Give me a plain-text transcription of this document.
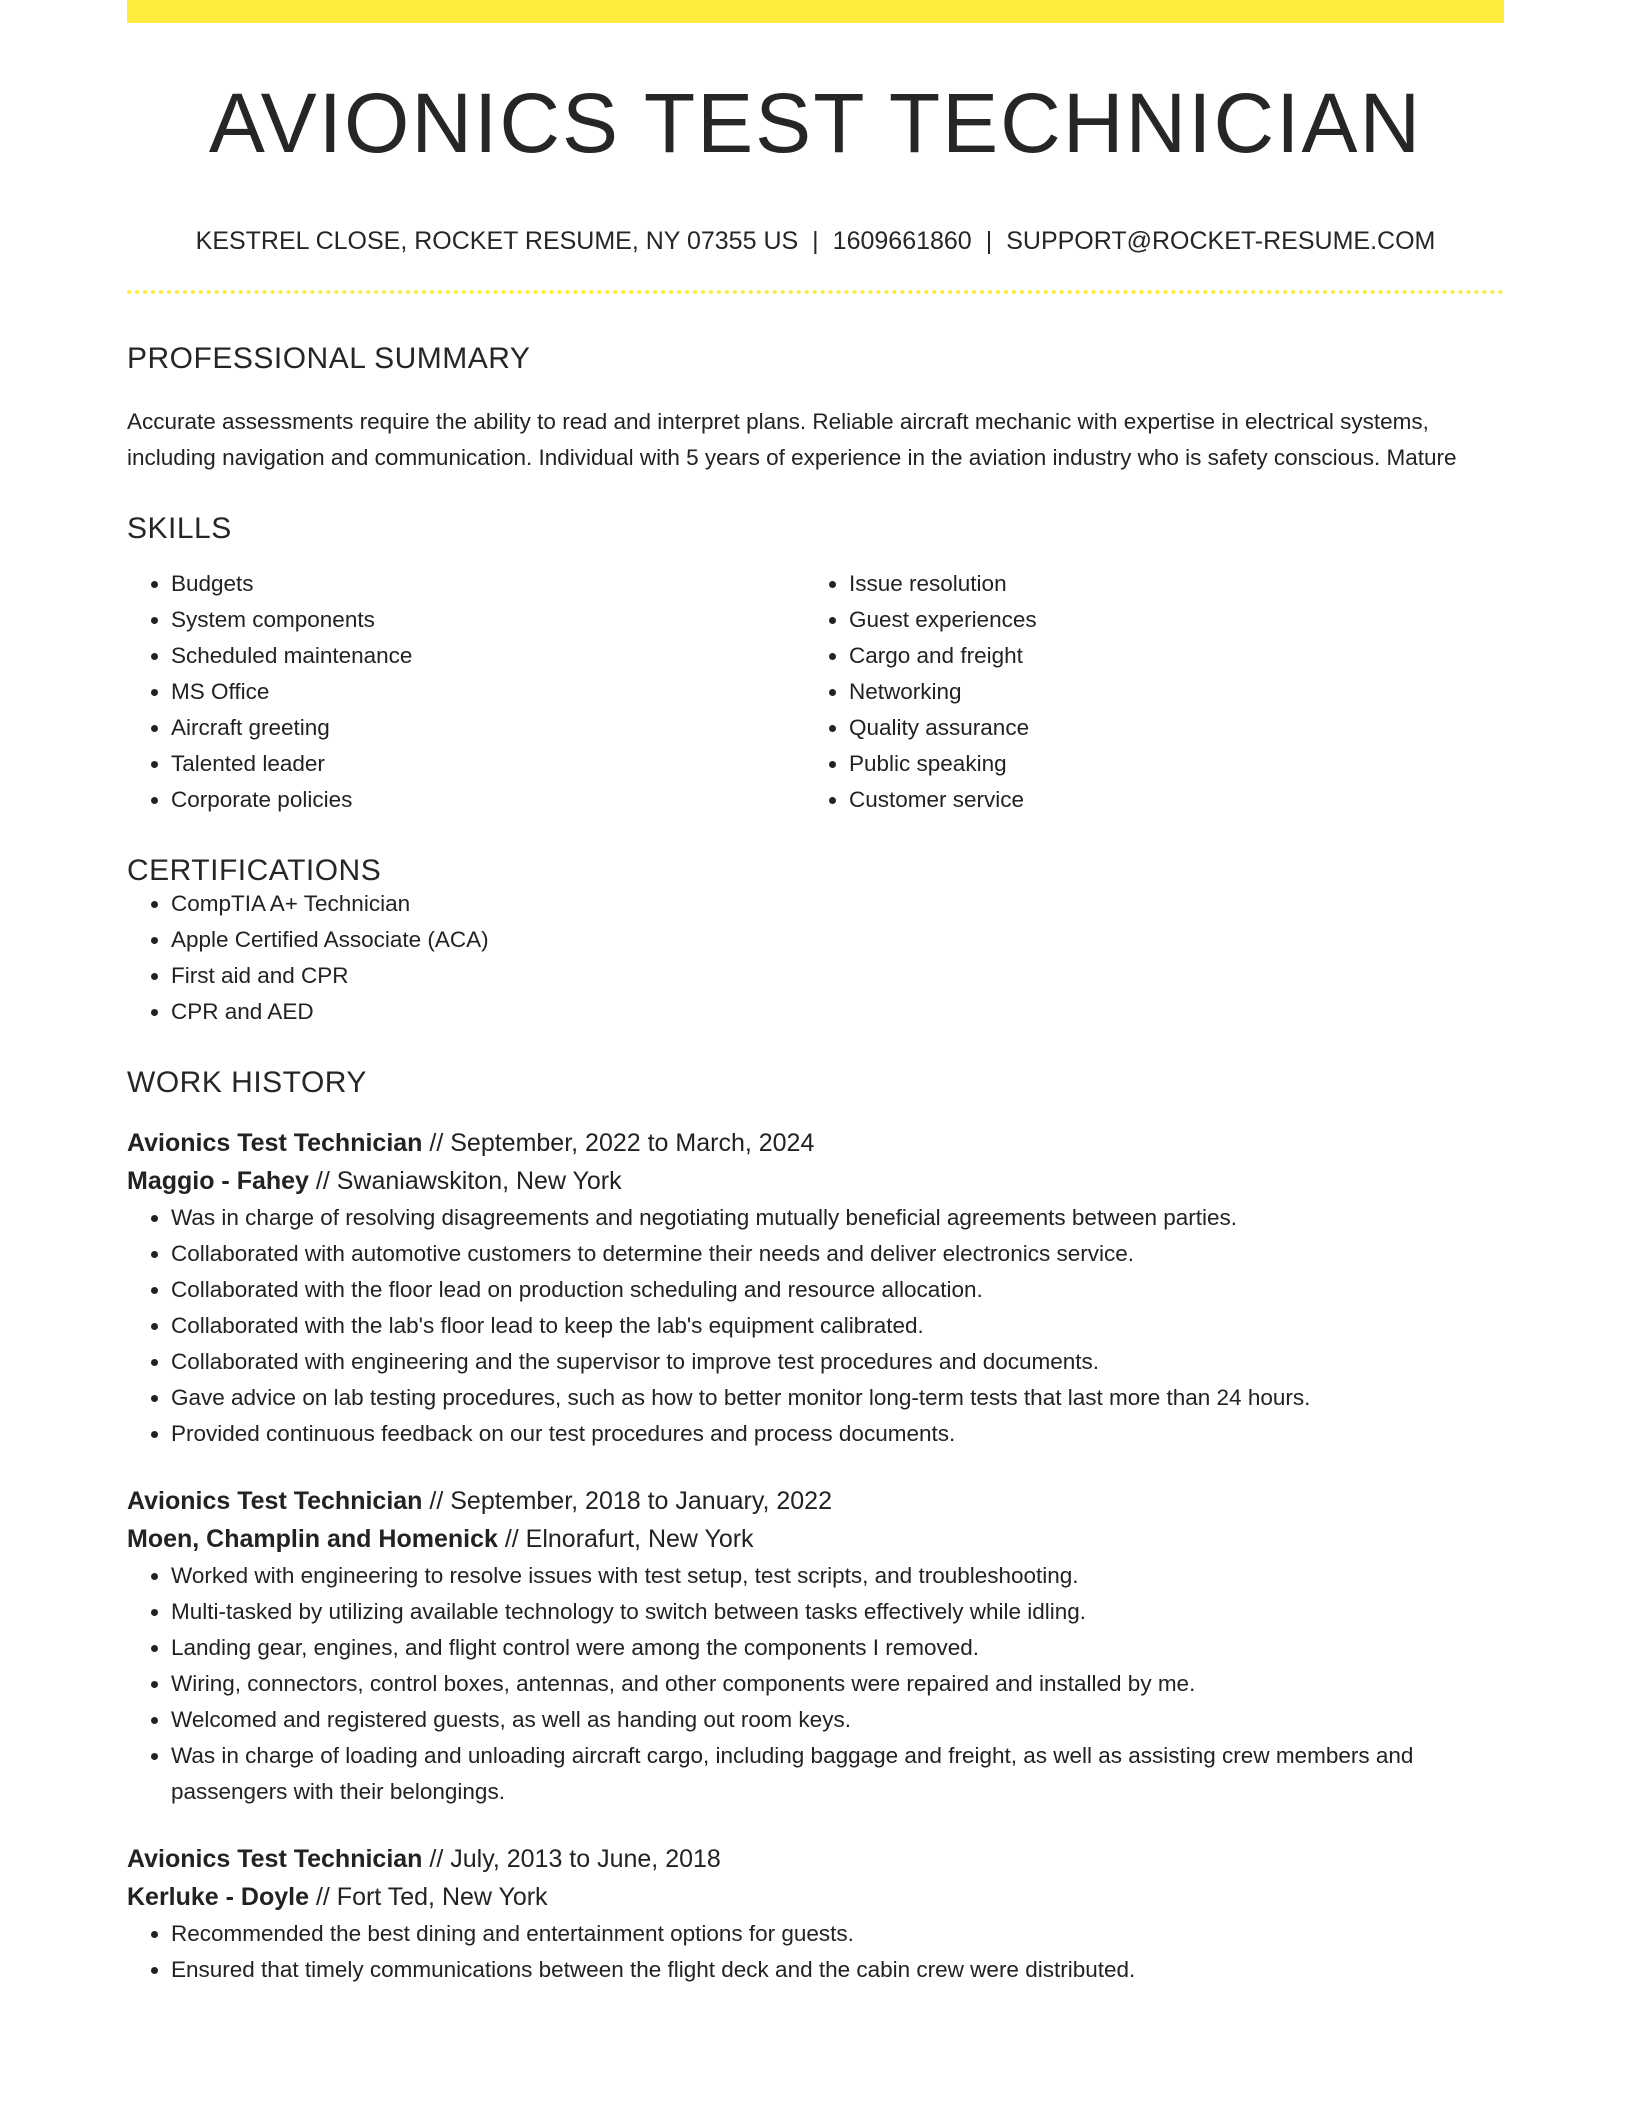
AVIONICS TEST TECHNICIAN
KESTREL CLOSE, ROCKET RESUME, NY 07355 US | 1609661860 | SUPPORT@ROCKET-RESUME.COM
PROFESSIONAL SUMMARY
Accurate assessments require the ability to read and interpret plans. Reliable aircraft mechanic with expertise in electrical systems, including navigation and communication. Individual with 5 years of experience in the aviation industry who is safety conscious. Mature
SKILLS
• Budgets
• System components
• Scheduled maintenance
• MS Office
• Aircraft greeting
• Talented leader
• Corporate policies
• Issue resolution
• Guest experiences
• Cargo and freight
• Networking
• Quality assurance
• Public speaking
• Customer service
CERTIFICATIONS
• CompTIA A+ Technician
• Apple Certified Associate (ACA)
• First aid and CPR
• CPR and AED
WORK HISTORY
Avionics Test Technician // September, 2022 to March, 2024
Maggio - Fahey // Swaniawskiton, New York
• Was in charge of resolving disagreements and negotiating mutually beneficial agreements between parties.
• Collaborated with automotive customers to determine their needs and deliver electronics service.
• Collaborated with the floor lead on production scheduling and resource allocation.
• Collaborated with the lab's floor lead to keep the lab's equipment calibrated.
• Collaborated with engineering and the supervisor to improve test procedures and documents.
• Gave advice on lab testing procedures, such as how to better monitor long-term tests that last more than 24 hours.
• Provided continuous feedback on our test procedures and process documents.
Avionics Test Technician // September, 2018 to January, 2022
Moen, Champlin and Homenick // Elnorafurt, New York
• Worked with engineering to resolve issues with test setup, test scripts, and troubleshooting.
• Multi-tasked by utilizing available technology to switch between tasks effectively while idling.
• Landing gear, engines, and flight control were among the components I removed.
• Wiring, connectors, control boxes, antennas, and other components were repaired and installed by me.
• Welcomed and registered guests, as well as handing out room keys.
• Was in charge of loading and unloading aircraft cargo, including baggage and freight, as well as assisting crew members and passengers with their belongings.
Avionics Test Technician // July, 2013 to June, 2018
Kerluke - Doyle // Fort Ted, New York
• Recommended the best dining and entertainment options for guests.
• Ensured that timely communications between the flight deck and the cabin crew were distributed.
